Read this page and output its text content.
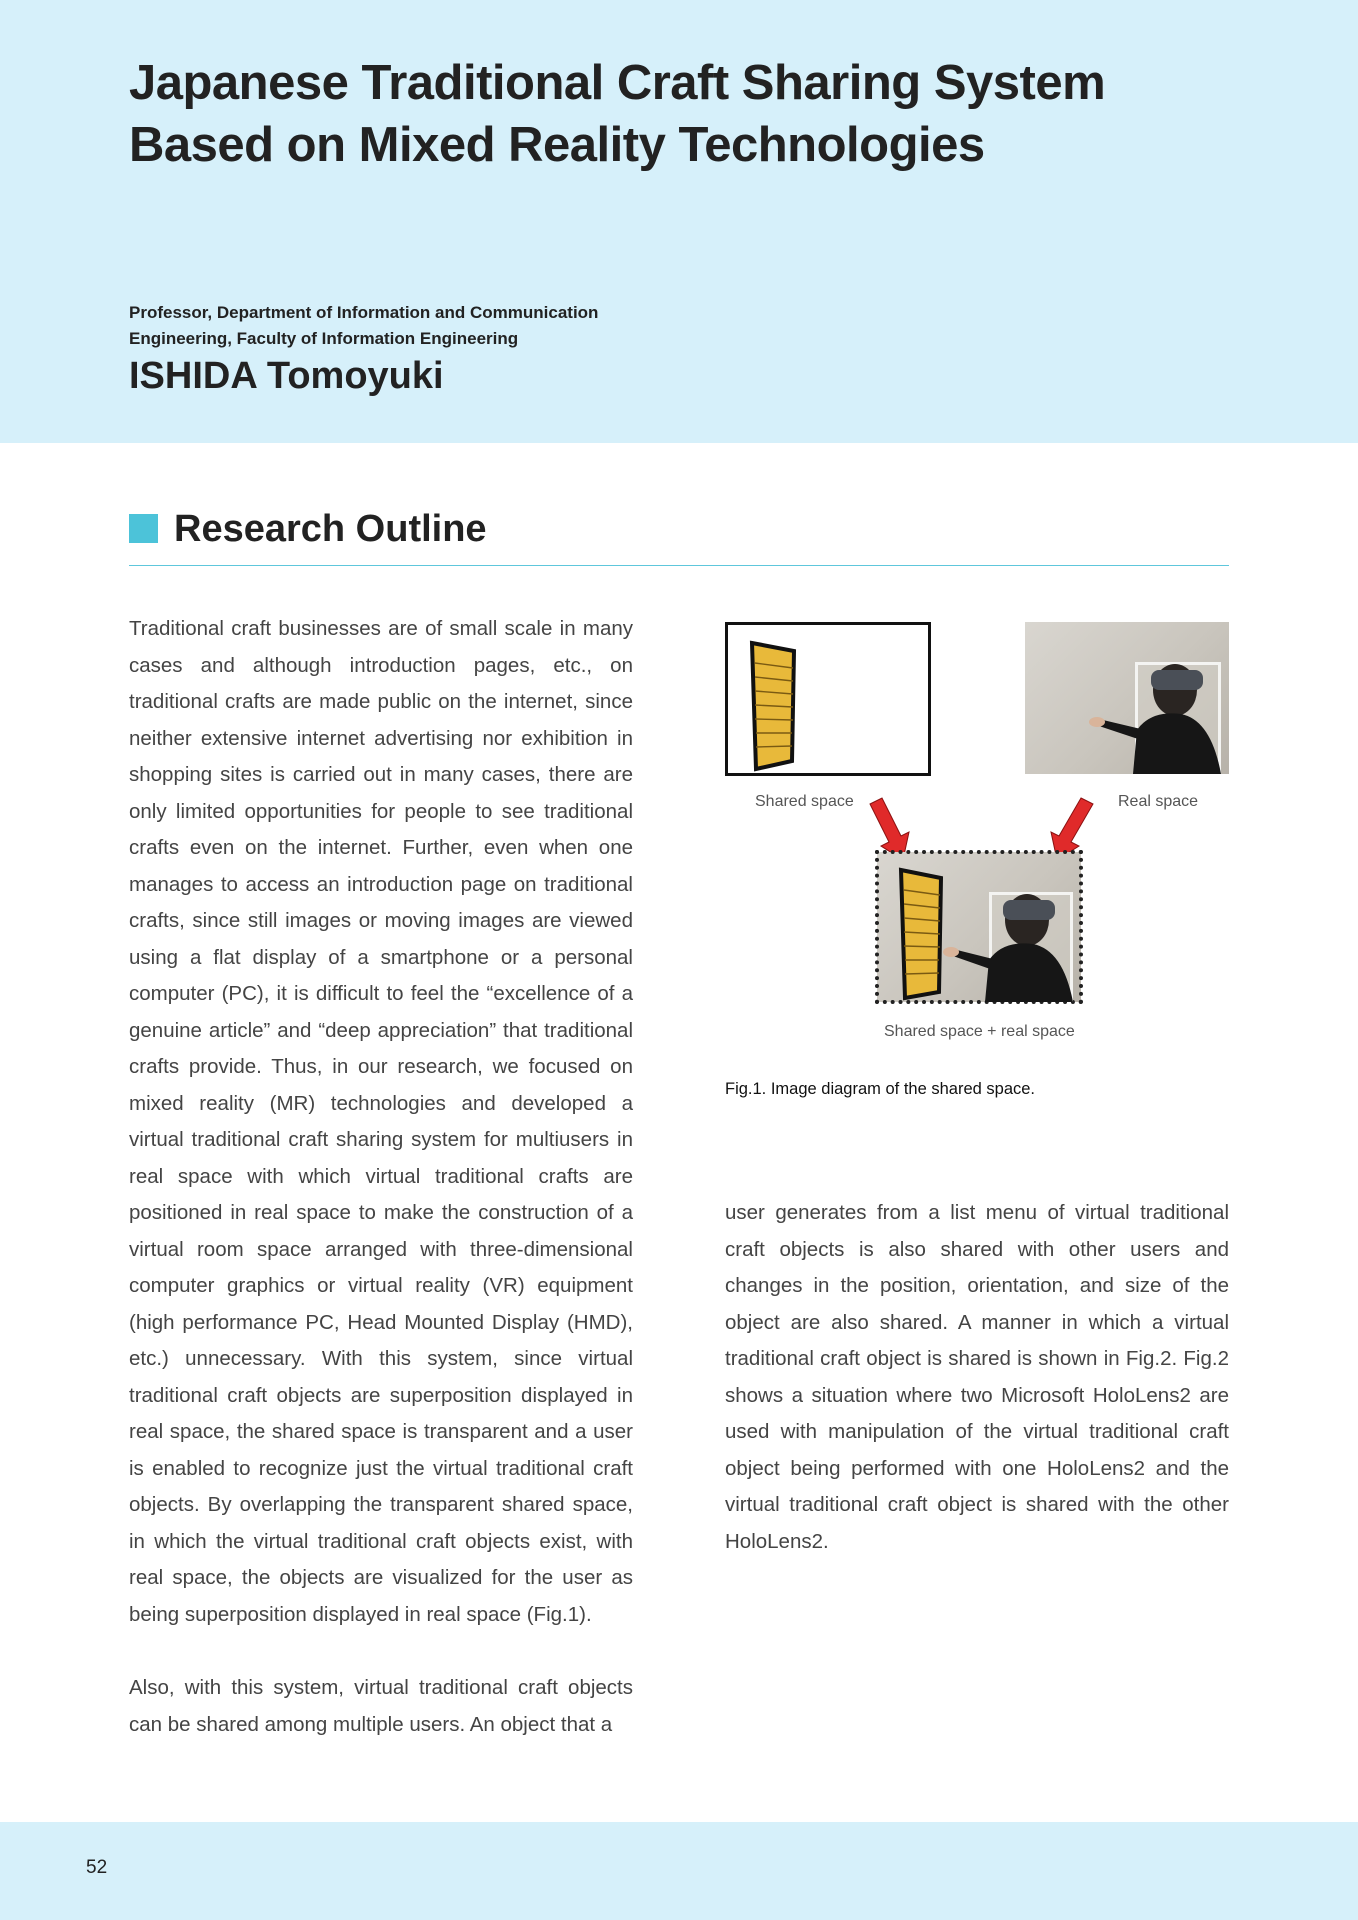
Japanese Traditional Craft Sharing System Based on Mixed Reality Technologies

Professor, Department of Information and Communication Engineering, Faculty of Information Engineering

ISHIDA Tomoyuki

Research Outline

Traditional craft businesses are of small scale in many cases and although introduction pages, etc., on traditional crafts are made public on the internet, since neither extensive internet advertising nor exhibition in shopping sites is carried out in many cases, there are only limited opportunities for people to see traditional crafts even on the internet. Further, even when one manages to access an introduction page on traditional crafts, since still images or moving images are viewed using a flat display of a smartphone or a personal computer (PC), it is difficult to feel the “excellence of a genuine article” and “deep appreciation” that traditional crafts provide. Thus, in our research, we focused on mixed reality (MR) technologies and developed a virtual traditional craft sharing system for multiusers in real space with which virtual traditional crafts are positioned in real space to make the construction of a virtual room space arranged with three-dimensional computer graphics or virtual reality (VR) equipment (high performance PC, Head Mounted Display (HMD), etc.) unnecessary. With this system, since virtual traditional craft objects are superposition displayed in real space, the shared space is transparent and a user is enabled to recognize just the virtual traditional craft objects. By overlapping the transparent shared space, in which the virtual traditional craft objects exist, with real space, the objects are visualized for the user as being superposition displayed in real space (Fig.1).

Also, with this system, virtual traditional craft objects can be shared among multiple users. An object that a

user generates from a list menu of virtual traditional craft objects is also shared with other users and changes in the position, orientation, and size of the object are also shared. A manner in which a virtual traditional craft object is shared is shown in Fig.2. Fig.2 shows a situation where two Microsoft HoloLens2 are used with manipulation of the virtual traditional craft object being performed with one HoloLens2 and the virtual traditional craft object is shared with the other HoloLens2.

Shared space	Real space
Shared space + real space

Fig.1. Image diagram of the shared space.

52
